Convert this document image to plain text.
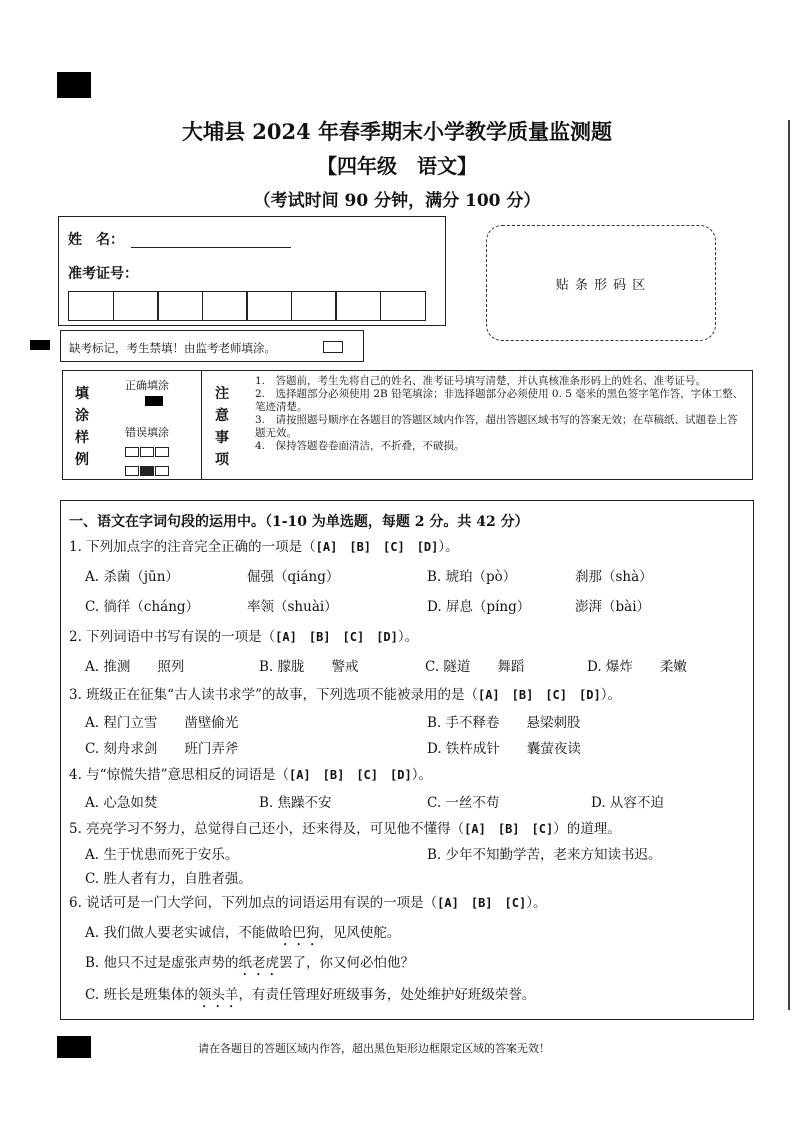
大埔县 2024 年春季期末小学教学质量监测题
【四年级　语文】
（考试时间 90 分钟，满分 100 分）
姓　名：
准考证号：
贴 条 形 码 区
缺考标记，考生禁填！由监考老师填涂。
填涂样例
正确填涂
错误填涂

注意事项
1.　答题前，考生先将自己的姓名、准考证号填写清楚，并认真核准条形码上的姓名、准考证号。
2.　选择题部分必须使用 2B 铅笔填涂；非选择题部分必须使用 0. 5 毫米的黑色签字笔作答，字体工整、笔迹清楚。
3.　请按照题号顺序在各题目的答题区域内作答，超出答题区域书写的答案无效；在草稿纸、试题卷上答题无效。
4.　保持答题卷卷面清洁，不折叠，不破损。
一、语文在字词句段的运用中。（1-10 为单选题，每题 2 分。共 42 分）
1. 下列加点字的注音完全正确的一项是（[A]　[B]　[C]　[D]）。
A. 杀菌（jūn）	倔强（qiáng）	B. 琥珀（pò）	刹那（shà）
C. 徜徉（cháng）	率领（shuài）	D. 屏息（píng）	澎湃（bài）
2. 下列词语中书写有误的一项是（[A]　[B]　[C]　[D]）。
A. 推测　　照列	B. 朦胧　　警戒	C. 隧道　　舞蹈	D. 爆炸　　柔嫩
3. 班级正在征集“古人读书求学”的故事，下列选项不能被录用的是（[A]　[B]　[C]　[D]）。
A. 程门立雪　　凿壁偷光	B. 手不释卷　　悬梁刺股
C. 刻舟求剑　　班门弄斧	D. 铁杵成针　　囊萤夜读
4. 与“惊慌失措”意思相反的词语是（[A]　[B]　[C]　[D]）。
A. 心急如焚	B. 焦躁不安	C. 一丝不苟	D. 从容不迫
5. 亮亮学习不努力，总觉得自己还小，还来得及，可见他不懂得（[A]　[B]　[C]）的道理。
A. 生于忧患而死于安乐。	B. 少年不知勤学苦，老来方知读书迟。
C. 胜人者有力，自胜者强。
6. 说话可是一门大学问，下列加点的词语运用有误的一项是（[A]　[B]　[C]）。
A. 我们做人要老实诚信，不能做哈巴狗，见风使舵。
B. 他只不过是虚张声势的纸老虎罢了，你又何必怕他？
C. 班长是班集体的领头羊，有责任管理好班级事务，处处维护好班级荣誉。
请在各题目的答题区域内作答，超出黑色矩形边框限定区域的答案无效！
